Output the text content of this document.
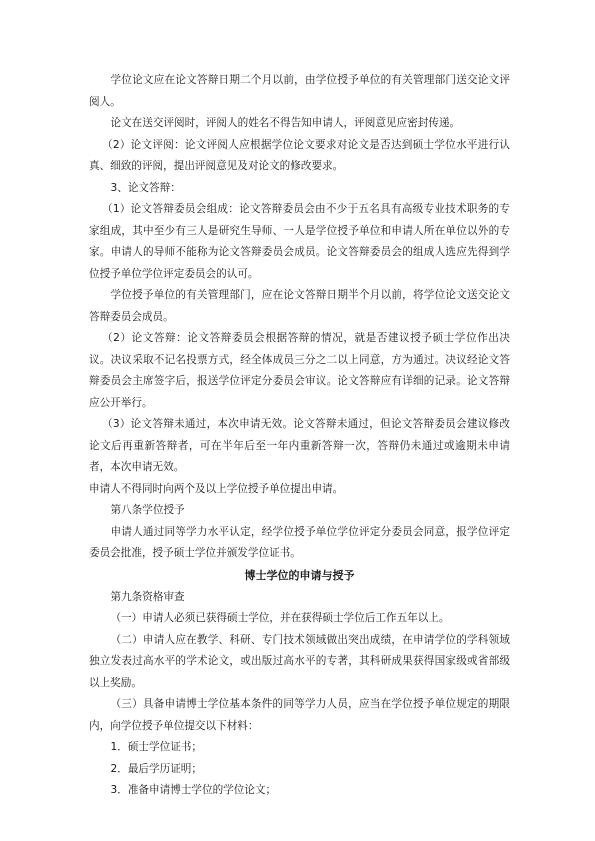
学位论文应在论文答辩日期二个月以前，由学位授予单位的有关管理部门送交论文评阅人。

论文在送交评阅时，评阅人的姓名不得告知申请人，评阅意见应密封传递。

（2）论文评阅：论文评阅人应根据学位论文要求对论文是否达到硕士学位水平进行认真、细致的评阅，提出评阅意见及对论文的修改要求。

3、论文答辩：

（1）论文答辩委员会组成：论文答辩委员会由不少于五名具有高级专业技术职务的专家组成，其中至少有三人是研究生导师、一人是学位授予单位和申请人所在单位以外的专家。申请人的导师不能称为论文答辩委员会成员。论文答辩委员会的组成人选应先得到学位授予单位学位评定委员会的认可。

学位授予单位的有关管理部门，应在论文答辩日期半个月以前，将学位论文送交论文答辩委员会成员。

（2）论文答辩：论文答辩委员会根据答辩的情况，就是否建议授予硕士学位作出决议。决议采取不记名投票方式，经全体成员三分之二以上同意，方为通过。决议经论文答辩委员会主席签字后，报送学位评定分委员会审议。论文答辩应有详细的记录。论文答辩应公开举行。

（3）论文答辩未通过，本次申请无效。论文答辩未通过，但论文答辩委员会建议修改论文后再重新答辩者，可在半年后至一年内重新答辩一次，答辩仍未通过或逾期未申请者，本次申请无效。

申请人不得同时向两个及以上学位授予单位提出申请。

第八条学位授予

申请人通过同等学力水平认定，经学位授予单位学位评定分委员会同意，报学位评定委员会批准，授予硕士学位并颁发学位证书。

博士学位的申请与授予

第九条资格审查

（一）申请人必须已获得硕士学位，并在获得硕士学位后工作五年以上。

（二）申请人应在教学、科研、专门技术领域做出突出成绩，在申请学位的学科领域独立发表过高水平的学术论文，或出版过高水平的专著，其科研成果获得国家级或省部级以上奖励。

（三）具备申请博士学位基本条件的同等学力人员，应当在学位授予单位规定的期限内，向学位授予单位提交以下材料：

1．硕士学位证书；

2．最后学历证明；

3．准备申请博士学位的学位论文；
